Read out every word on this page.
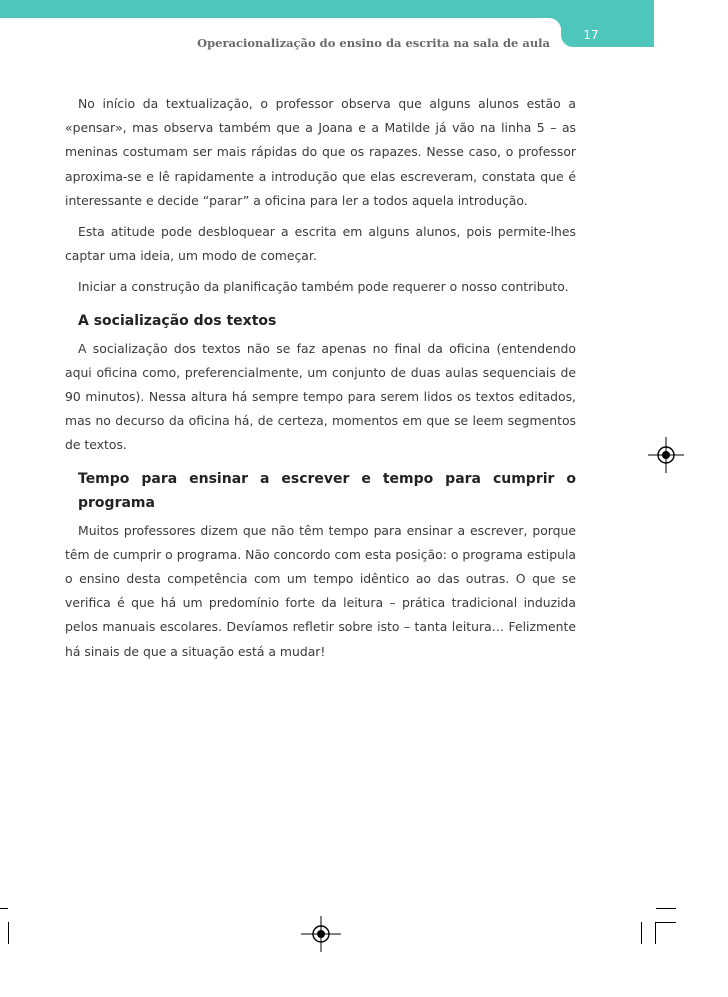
Operacionalização do ensino da escrita na sala de aula
17

No início da textualização, o professor observa que alguns alunos estão a «pensar», mas observa também que a Joana e a Matilde já vão na linha 5 – as meninas costumam ser mais rápidas do que os rapazes. Nesse caso, o professor aproxima-se e lê rapidamente a introdução que elas escreveram, constata que é interessante e decide “parar” a oficina para ler a todos aquela introdução.

Esta atitude pode desbloquear a escrita em alguns alunos, pois permite-lhes captar uma ideia, um modo de começar.

Iniciar a construção da planificação também pode requerer o nosso contributo.

A socialização dos textos

A socialização dos textos não se faz apenas no final da oficina (entendendo aqui oficina como, preferencialmente, um conjunto de duas aulas sequenciais de 90 minutos). Nessa altura há sempre tempo para serem lidos os textos editados, mas no decurso da oficina há, de certeza, momentos em que se leem segmentos de textos.

Tempo para ensinar a escrever e tempo para cumprir o programa

Muitos professores dizem que não têm tempo para ensinar a escrever, porque têm de cumprir o programa. Não concordo com esta posição: o programa estipula o ensino desta competência com um tempo idêntico ao das outras. O que se verifica é que há um predomínio forte da leitura – prática tradicional induzida pelos manuais escolares. Devíamos refletir sobre isto – tanta leitura… Felizmente há sinais de que a situação está a mudar!
